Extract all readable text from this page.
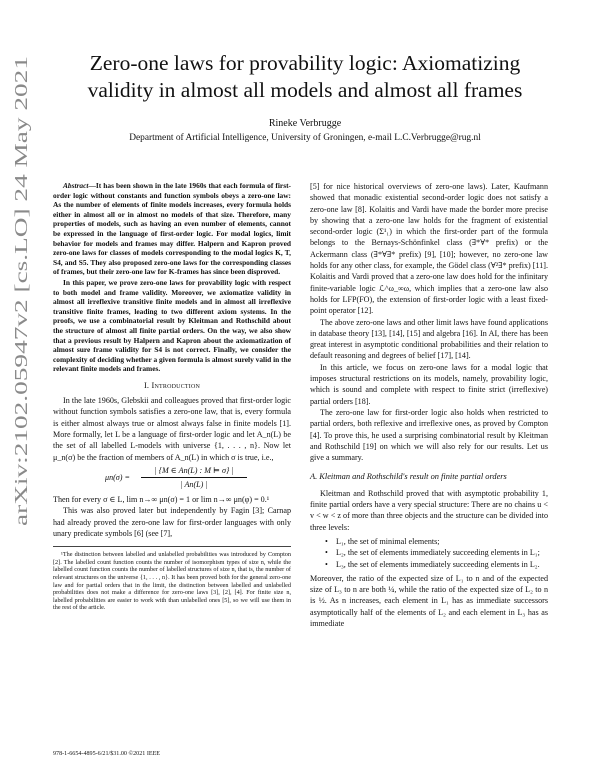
arXiv:2102.05947v2 [cs.LO] 24 May 2021
Zero-one laws for provability logic: Axiomatizing
validity in almost all models and almost all frames
Rineke Verbrugge
Department of Artificial Intelligence, University of Groningen, e-mail L.C.Verbrugge@rug.nl

Abstract—It has been shown in the late 1960s that each formula of first-order logic without constants and function symbols obeys a zero-one law: As the number of elements of finite models increases, every formula holds either in almost all or in almost no models of that size. Therefore, many properties of models, such as having an even number of elements, cannot be expressed in the language of first-order logic. For modal logics, limit behavior for models and frames may differ. Halpern and Kapron proved zero-one laws for classes of models corresponding to the modal logics K, T, S4, and S5. They also proposed zero-one laws for the corresponding classes of frames, but their zero-one law for K-frames has since been disproved.

In this paper, we prove zero-one laws for provability logic with respect to both model and frame validity. Moreover, we axiomatize validity in almost all irreflexive transitive finite models and in almost all irreflexive transitive finite frames, leading to two different axiom systems. In the proofs, we use a combinatorial result by Kleitman and Rothschild about the structure of almost all finite partial orders. On the way, we also show that a previous result by Halpern and Kapron about the axiomatization of almost sure frame validity for S4 is not correct. Finally, we consider the complexity of deciding whether a given formula is almost surely valid in the relevant finite models and frames.

I. Introduction

In the late 1960s, Glebskii and colleagues proved that first-order logic without function symbols satisfies a zero-one law, that is, every formula is either almost always true or almost always false in finite models [1]. More formally, let L be a language of first-order logic and let A_n(L) be the set of all labelled L-models with universe {1, . . . , n}. Now let μ_n(σ) be the fraction of members of A_n(L) in which σ is true, i.e.,

$\mu n(\sigma) = \frac{| \{M \in An(L) : M ⊨ \sigma\} |}{| An(L) |}$

Then for every σ ∈ L, lim n→∞ μn(σ) = 1 or lim n→∞ μn(φ) = 0.¹

This was also proved later but independently by Fagin [3]; Carnap had already proved the zero-one law for first-order languages with only unary predicate symbols [6] (see [7],

¹The distinction between labelled and unlabelled probabilities was introduced by Compton [2]. The labelled count function counts the number of isomorphism types of size n, while the labelled count function counts the number of labelled structures of size n, that is, the number of relevant structures on the universe {1, . . . , n}. It has been proved both for the general zero-one law and for partial orders that in the limit, the distinction between labelled and unlabelled probabilities does not make a difference for zero-one laws [3], [2], [4]. For finite size n, labelled probabilities are easier to work with than unlabelled ones [5], so we will use them in the rest of the article.

978-1-6654-4895-6/21/$31.00 ©2021 IEEE

[5] for nice historical overviews of zero-one laws). Later, Kaufmann showed that monadic existential second-order logic does not satisfy a zero-one law [8]. Kolaitis and Vardi have made the border more precise by showing that a zero-one law holds for the fragment of existential second-order logic (Σ¹₁) in which the first-order part of the formula belongs to the Bernays-Schönfinkel class (∃*∀* prefix) or the Ackermann class (∃*∀∃* prefix) [9], [10]; however, no zero-one law holds for any other class, for example, the Gödel class (∀²∃* prefix) [11]. Kolaitis and Vardi proved that a zero-one law does hold for the infinitary finite-variable logic ℒ^ω_∞ω, which implies that a zero-one law also holds for LFP(FO), the extension of first-order logic with a least fixed-point operator [12].

The above zero-one laws and other limit laws have found applications in database theory [13], [14], [15] and algebra [16]. In AI, there has been great interest in asymptotic conditional probabilities and their relation to default reasoning and degrees of belief [17], [14].

In this article, we focus on zero-one laws for a modal logic that imposes structural restrictions on its models, namely, provability logic, which is sound and complete with respect to finite strict (irreflexive) partial orders [18].

The zero-one law for first-order logic also holds when restricted to partial orders, both reflexive and irreflexive ones, as proved by Compton [4]. To prove this, he used a surprising combinatorial result by Kleitman and Rothschild [19] on which we will also rely for our results. Let us give a summary.

A. Kleitman and Rothschild's result on finite partial orders

Kleitman and Rothschild proved that with asymptotic probability 1, finite partial orders have a very special structure: There are no chains u < v < w < z of more than three objects and the structure can be divided into three levels:

• L₁, the set of minimal elements;
• L₂, the set of elements immediately succeeding elements in L₁;
• L₃, the set of elements immediately succeeding elements in L₂.

Moreover, the ratio of the expected size of L₁ to n and of the expected size of L₃ to n are both ¼, while the ratio of the expected size of L₂ to n is ½. As n increases, each element in L₁ has as immediate successors asymptotically half of the elements of L₂ and each element in L₃ has as immediate
